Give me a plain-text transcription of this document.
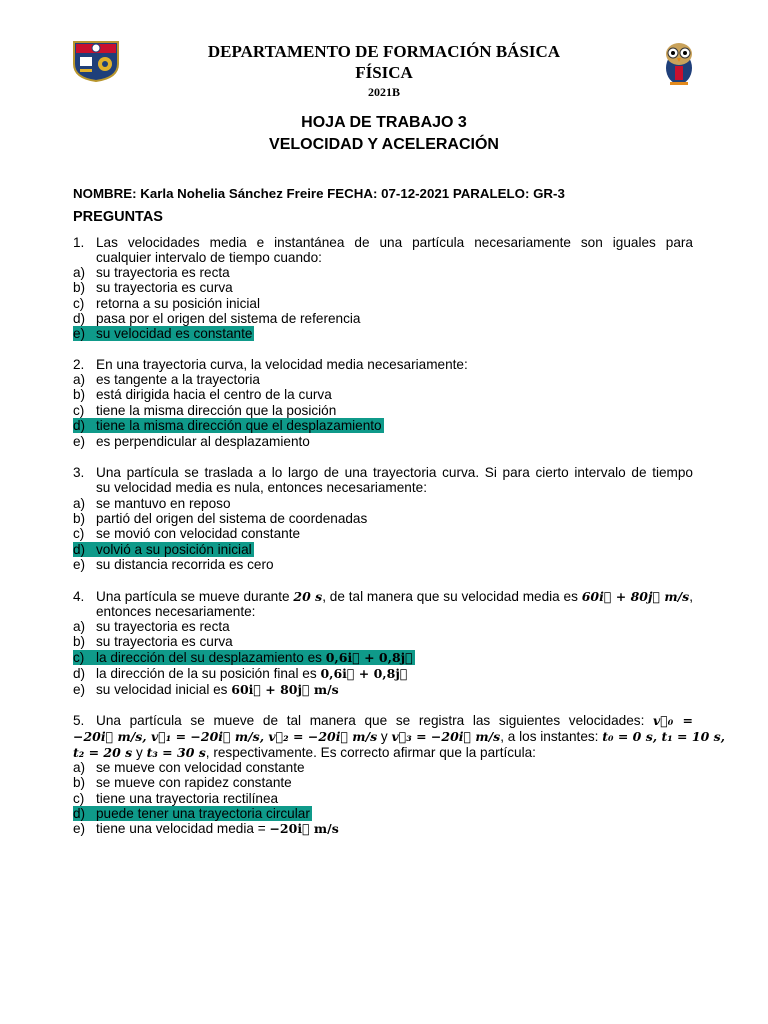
DEPARTAMENTO DE FORMACIÓN BÁSICA
FÍSICA
2021B
HOJA DE TRABAJO 3
VELOCIDAD Y ACELERACIÓN
NOMBRE: Karla Nohelia Sánchez Freire FECHA: 07-12-2021 PARALELO: GR-3
PREGUNTAS
1. Las velocidades media e instantánea de una partícula necesariamente son iguales para
cualquier intervalo de tiempo cuando:
a) su trayectoria es recta
b) su trayectoria es curva
c) retorna a su posición inicial
d) pasa por el origen del sistema de referencia
e) su velocidad es constante
2. En una trayectoria curva, la velocidad media necesariamente:
a) es tangente a la trayectoria
b) está dirigida hacia el centro de la curva
c) tiene la misma dirección que la posición
d) tiene la misma dirección que el desplazamiento
e) es perpendicular al desplazamiento
3. Una partícula se traslada a lo largo de una trayectoria curva. Si para cierto intervalo de tiempo
su velocidad media es nula, entonces necesariamente:
a) se mantuvo en reposo
b) partió del origen del sistema de coordenadas
c) se movió con velocidad constante
d) volvió a su posición inicial
e) su distancia recorrida es cero
4. Una partícula se mueve durante 20 s, de tal manera que su velocidad media es 60i⃗ + 80j⃗ m/s,
entonces necesariamente:
a) su trayectoria es recta
b) su trayectoria es curva
c) la dirección del su desplazamiento es 0,6i⃗ + 0,8j⃗
d) la dirección de la su posición final es 0,6i⃗ + 0,8j⃗
e) su velocidad inicial es 60i⃗ + 80j⃗ m/s
5. Una partícula se mueve de tal manera que se registra las siguientes velocidades: v⃗₀ =
−20i⃗ m/s, v⃗₁ = −20i⃗ m/s, v⃗₂ = −20i⃗ m/s y v⃗₃ = −20i⃗ m/s, a los instantes: t₀ = 0 s, t₁ = 10 s,
t₂ = 20 s y t₃ = 30 s, respectivamente. Es correcto afirmar que la partícula:
a) se mueve con velocidad constante
b) se mueve con rapidez constante
c) tiene una trayectoria rectilínea
d) puede tener una trayectoria circular
e) tiene una velocidad media = −20i⃗ m/s
